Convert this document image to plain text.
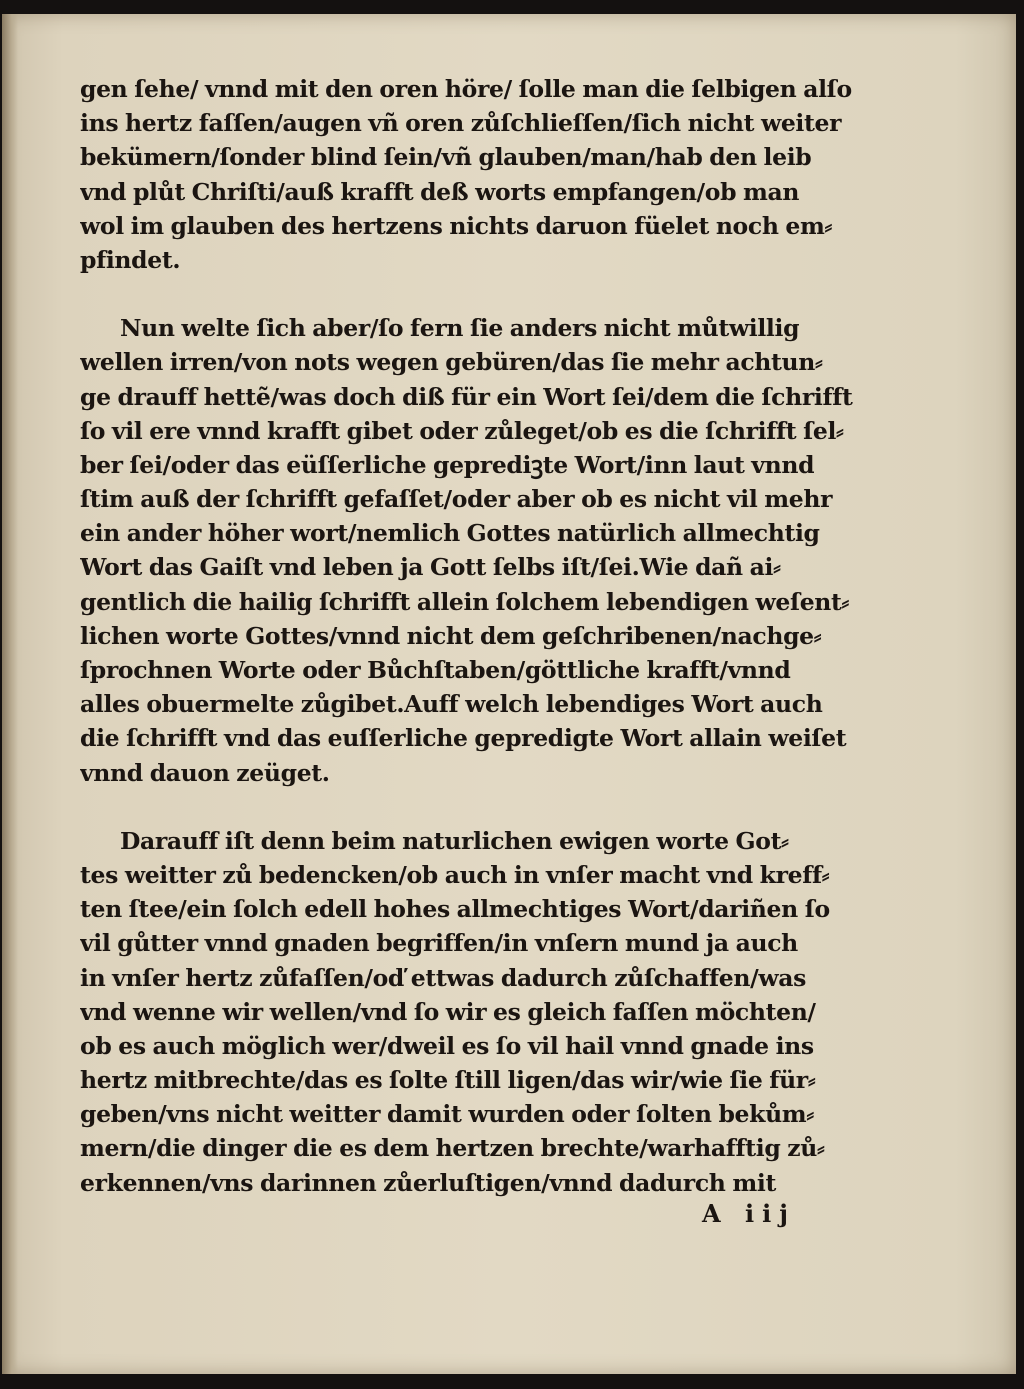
gen ſehe/ vnnd mit den oren höre/ ſolle man die ſelbigen alſo
ins hertz faſſen/augen vñ oren zůſchlieſſen/ſich nicht weiter
bekümern/ſonder blind ſein/vñ glauben/man/hab den leib
vnd plůt Chriſti/auß krafft deß worts empfangen/ob man
wol im glauben des hertzens nichts daruon füelet noch em⸗
pfindet.
Nun welte ſich aber/ſo fern ſie anders nicht můtwillig
wellen irren/von nots wegen gebüren/das ſie mehr achtun⸗
ge drauff hettẽ/was doch diß für ein Wort ſei/dem die ſchrifft
ſo vil ere vnnd krafft gibet oder zůleget/ob es die ſchrifft ſel⸗
ber ſei/oder das eüſſerliche geprediꝫte Wort/inn laut vnnd
ſtim auß der ſchrifft gefaſſet/oder aber ob es nicht vil mehr
ein ander höher wort/nemlich Gottes natürlich allmechtig
Wort das Gaiſt vnd leben ja Gott ſelbs iſt/ſei.Wie dañ ai⸗
gentlich die hailig ſchrifft allein ſolchem lebendigen weſent⸗
lichen worte Gottes/vnnd nicht dem geſchribenen/nachge⸗
ſprochnen Worte oder Bůchſtaben/göttliche krafft/vnnd
alles obuermelte zůgibet.Auff welch lebendiges Wort auch
die ſchrifft vnd das euſſerliche gepredigte Wort allain weiſet
vnnd dauon zeüget.
Darauff iſt denn beim naturlichen ewigen worte Got⸗
tes weitter zů bedencken/ob auch in vnſer macht vnd kreff⸗
ten ſtee/ein ſolch edell hohes allmechtiges Wort/dariñen ſo
vil gůtter vnnd gnaden begriffen/in vnſern mund ja auch
in vnſer hertz zůfaſſen/oď ettwas dadurch zůſchaffen/was
vnd wenne wir wellen/vnd ſo wir es gleich faſſen möchten/
ob es auch möglich wer/dweil es ſo vil hail vnnd gnade ins
hertz mitbrechte/das es ſolte ſtill ligen/das wir/wie ſie für⸗
geben/vns nicht weitter damit wurden oder ſolten bekům⸗
mern/die dinger die es dem hertzen brechte/warhafftig zů⸗
erkennen/vns darinnen zůerluſtigen/vnnd dadurch mit
A iij
